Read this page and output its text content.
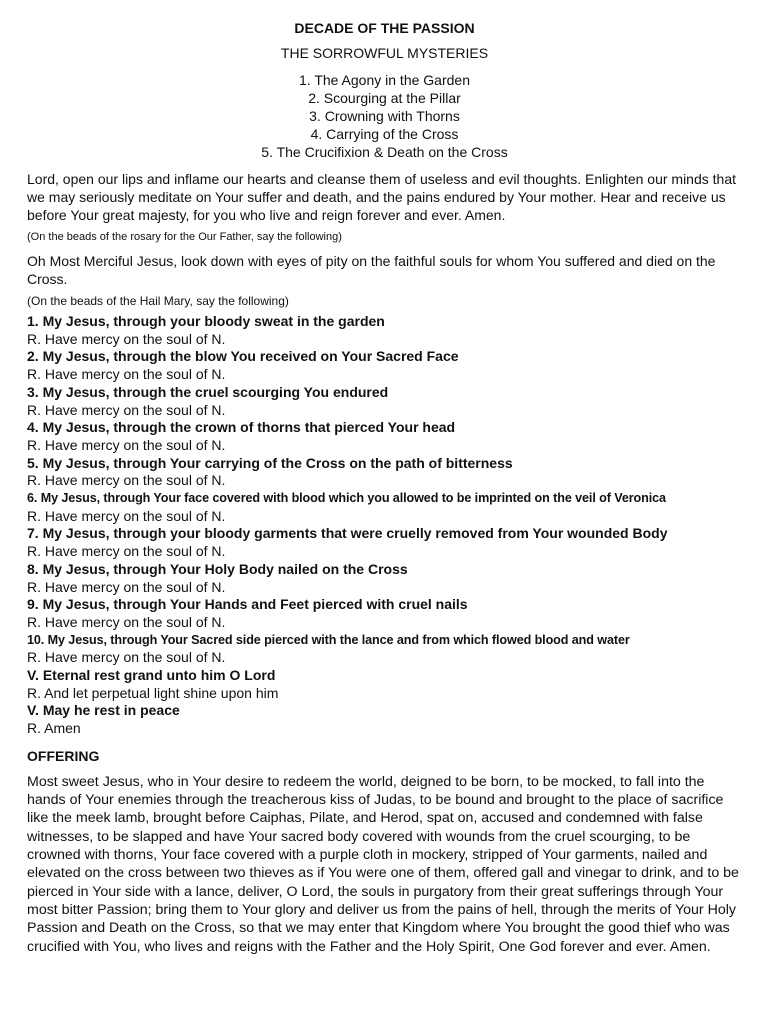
DECADE OF THE PASSION
THE SORROWFUL MYSTERIES
1. The Agony in the Garden
2. Scourging at the Pillar
3. Crowning with Thorns
4. Carrying of the Cross
5. The Crucifixion & Death on the Cross

Lord, open our lips and inflame our hearts and cleanse them of useless and evil thoughts. Enlighten our minds that we may seriously meditate on Your suffer and death, and the pains endured by Your mother. Hear and receive us before Your great majesty, for you who live and reign forever and ever. Amen.

(On the beads of the rosary for the Our Father, say the following)

Oh Most Merciful Jesus, look down with eyes of pity on the faithful souls for whom You suffered and died on the Cross.

(On the beads of the Hail Mary, say the following)

1. My Jesus, through your bloody sweat in the garden

R. Have mercy on the soul of N.

2. My Jesus, through the blow You received on Your Sacred Face

R. Have mercy on the soul of N.

3. My Jesus, through the cruel scourging You endured

R. Have mercy on the soul of N.

4. My Jesus, through the crown of thorns that pierced Your head

R. Have mercy on the soul of N.

5. My Jesus, through Your carrying of the Cross on the path of bitterness

R. Have mercy on the soul of N.

6. My Jesus, through Your face covered with blood which you allowed to be imprinted on the veil of Veronica

R. Have mercy on the soul of N.

7. My Jesus, through your bloody garments that were cruelly removed from Your wounded Body

R. Have mercy on the soul of N.

8. My Jesus, through Your Holy Body nailed on the Cross

R. Have mercy on the soul of N.

9. My Jesus, through Your Hands and Feet pierced with cruel nails

R. Have mercy on the soul of N.

10. My Jesus, through Your Sacred side pierced with the lance and from which flowed blood and water

R. Have mercy on the soul of N.

V. Eternal rest grand unto him O Lord

R. And let perpetual light shine upon him

V. May he rest in peace

R. Amen

OFFERING

Most sweet Jesus, who in Your desire to redeem the world, deigned to be born, to be mocked, to fall into the hands of Your enemies through the treacherous kiss of Judas, to be bound and brought to the place of sacrifice like the meek lamb, brought before Caiphas, Pilate, and Herod, spat on, accused and condemned with false witnesses, to be slapped and have Your sacred body covered with wounds from the cruel scourging, to be crowned with thorns, Your face covered with a purple cloth in mockery, stripped of Your garments, nailed and elevated on the cross between two thieves as if You were one of them, offered gall and vinegar to drink, and to be pierced in Your side with a lance, deliver, O Lord, the souls in purgatory from their great sufferings through Your most bitter Passion; bring them to Your glory and deliver us from the pains of hell, through the merits of Your Holy Passion and Death on the Cross, so that we may enter that Kingdom where You brought the good thief who was crucified with You, who lives and reigns with the Father and the Holy Spirit, One God forever and ever. Amen.
